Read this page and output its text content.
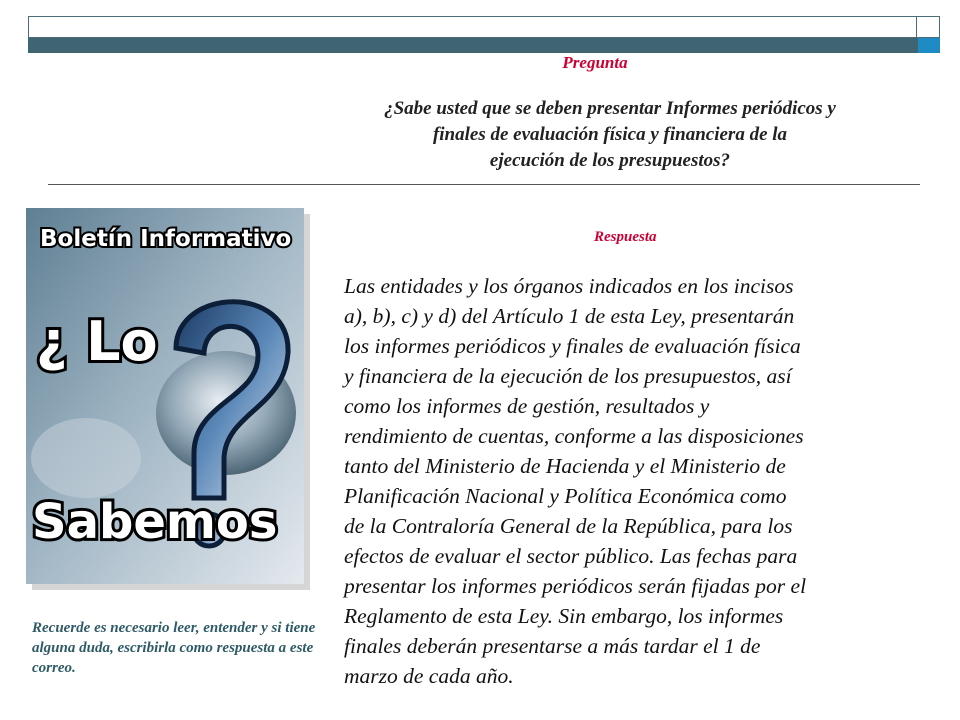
Pregunta
¿Sabe usted que se deben presentar Informes periódicos y
finales de evaluación física y financiera de la
ejecución de los presupuestos?
Boletín Informativo
¿ Lo
Sabemos
Recuerde es necesario leer, entender y si tiene alguna duda, escribirla como respuesta a este correo.
Respuesta
Las entidades y los órganos indicados en los incisos
a), b), c) y d) del Artículo 1 de esta Ley, presentarán
los informes periódicos y finales de evaluación física
y financiera de la ejecución de los presupuestos, así
como los informes de gestión, resultados y
rendimiento de cuentas, conforme a las disposiciones
tanto del Ministerio de Hacienda y el Ministerio de
Planificación Nacional y Política Económica como
de la Contraloría General de la República, para los
efectos de evaluar el sector público. Las fechas para
presentar los informes periódicos serán fijadas por el
Reglamento de esta Ley. Sin embargo, los informes
finales deberán presentarse a más tardar el 1 de
marzo de cada año.
